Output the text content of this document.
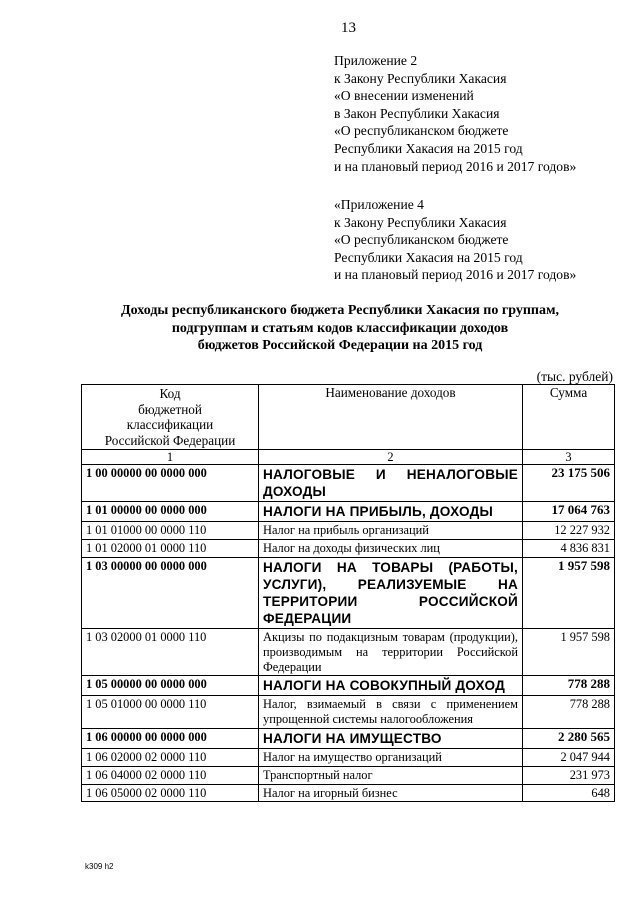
13
Приложение 2
к Закону Республики Хакасия
«О внесении изменений
в Закон Республики Хакасия
«О республиканском бюджете
Республики Хакасия на 2015 год
и на плановый период 2016 и 2017 годов»
«Приложение 4
к Закону Республики Хакасия
«О республиканском бюджете
Республики Хакасия на 2015 год
и на плановый период 2016 и 2017 годов»
Доходы республиканского бюджета Республики Хакасия по группам,
подгруппам и статьям кодов классификации доходов
бюджетов Российской Федерации на 2015 год
(тыс. рублей)
Код
бюджетной
классификации
Российской Федерации	Наименование доходов	Сумма
1	2	3
1 00 00000 00 0000 000	НАЛОГОВЫЕ И НЕНАЛОГОВЫЕ ДОХОДЫ	23 175 506
1 01 00000 00 0000 000	НАЛОГИ НА ПРИБЫЛЬ, ДОХОДЫ	17 064 763
1 01 01000 00 0000 110	Налог на прибыль организаций	12 227 932
1 01 02000 01 0000 110	Налог на доходы физических лиц	4 836 831
1 03 00000 00 0000 000	НАЛОГИ НА ТОВАРЫ (РАБОТЫ, УСЛУГИ), РЕАЛИЗУЕМЫЕ НА ТЕРРИТОРИИ РОССИЙСКОЙ ФЕДЕРАЦИИ	1 957 598
1 03 02000 01 0000 110	Акцизы по подакцизным товарам (продукции), производимым на территории Российской Федерации	1 957 598
1 05 00000 00 0000 000	НАЛОГИ НА СОВОКУПНЫЙ ДОХОД	778 288
1 05 01000 00 0000 110	Налог, взимаемый в связи с применением упрощенной системы налогообложения	778 288
1 06 00000 00 0000 000	НАЛОГИ НА ИМУЩЕСТВО	2 280 565
1 06 02000 02 0000 110	Налог на имущество организаций	2 047 944
1 06 04000 02 0000 110	Транспортный налог	231 973
1 06 05000 02 0000 110	Налог на игорный бизнес	648
k309 h2
